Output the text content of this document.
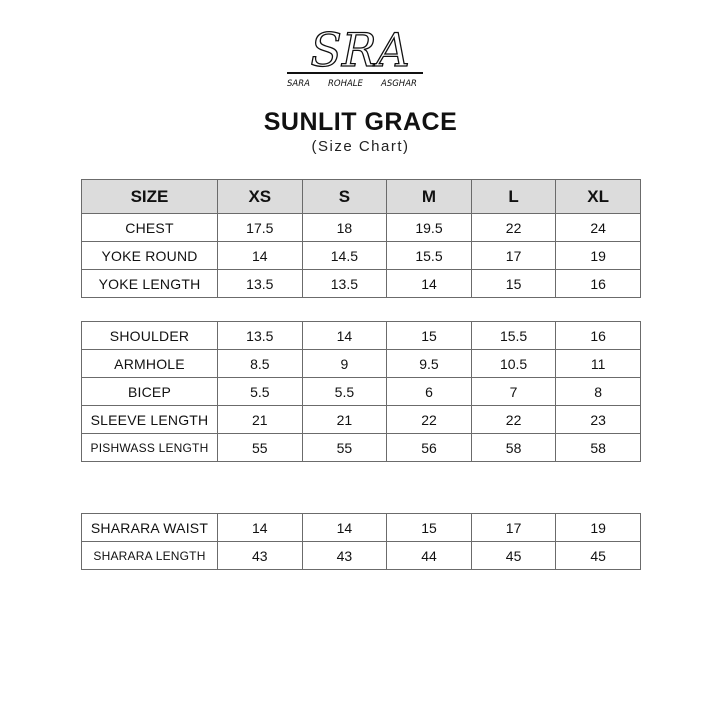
SRA
SARA ROHALE ASGHAR
SUNLIT GRACE
(Size Chart)
SIZE	XS	S	M	L	XL
CHEST	17.5	18	19.5	22	24
YOKE ROUND	14	14.5	15.5	17	19
YOKE LENGTH	13.5	13.5	14	15	16
SHOULDER	13.5	14	15	15.5	16
ARMHOLE	8.5	9	9.5	10.5	11
BICEP	5.5	5.5	6	7	8
SLEEVE LENGTH	21	21	22	22	23
PISHWASS LENGTH	55	55	56	58	58
SHARARA WAIST	14	14	15	17	19
SHARARA LENGTH	43	43	44	45	45
